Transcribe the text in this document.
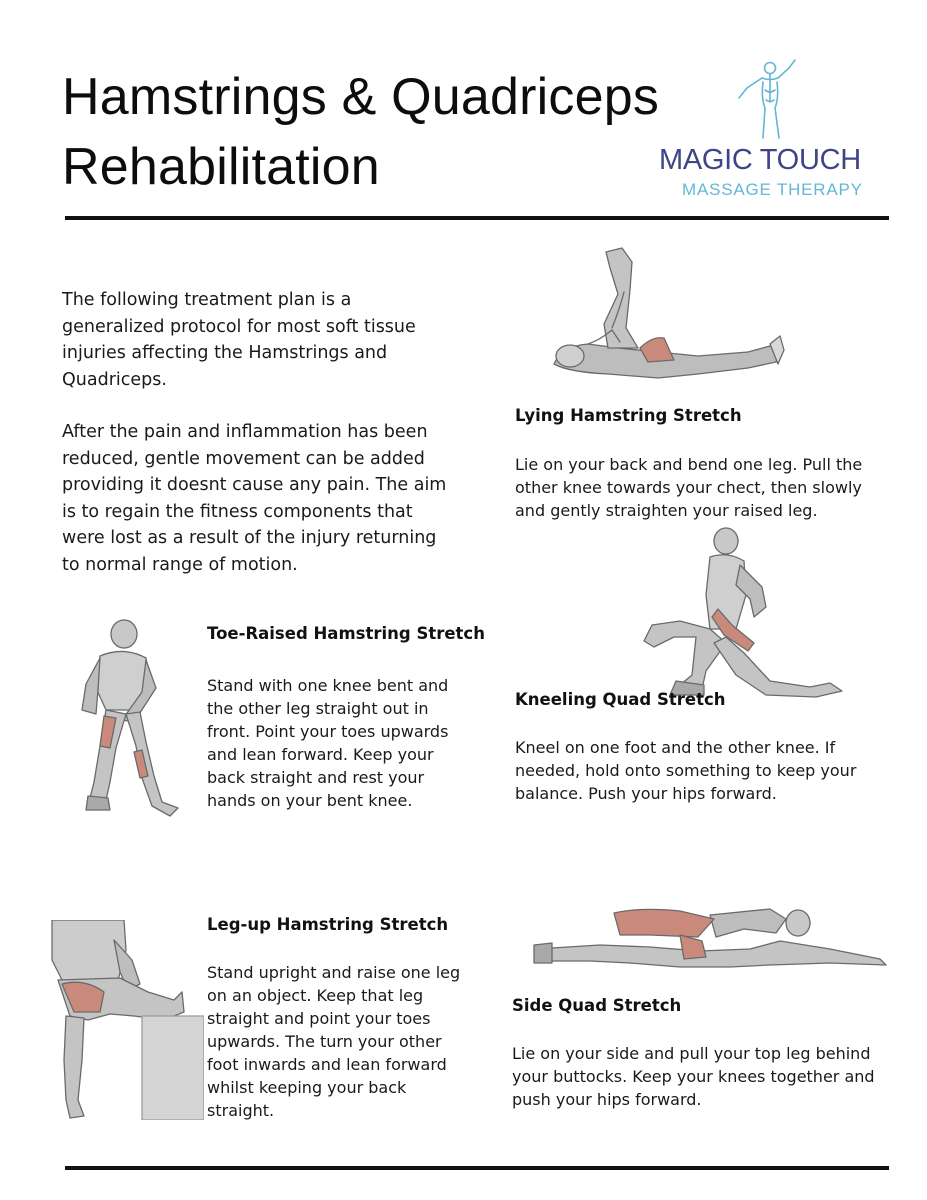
Hamstrings & Quadriceps
Rehabilitation	MAGIC TOUCH
MASSAGE THERAPY

The following treatment plan is a generalized protocol for most soft tissue injuries affecting the Hamstrings and Quadriceps.

After the pain and inflammation has been reduced, gentle movement can be added providing it doesnt cause any pain. The aim is to regain the fitness components that were lost as a result of the injury returning to normal range of motion.

Lying Hamstring Stretch

Lie on your back and bend one leg. Pull the other knee towards your chect, then slowly and gently straighten your raised leg.

Toe-Raised Hamstring Stretch

Stand with one knee bent and the other leg straight out in front. Point your toes upwards and lean forward. Keep your back straight and rest your hands on your bent knee.

Kneeling Quad Stretch

Kneel on one foot and the other knee. If needed, hold onto something to keep your balance. Push your hips forward.

Leg-up Hamstring Stretch

Stand upright and raise one leg on an object. Keep that leg straight and point your toes upwards. The turn your other foot inwards and lean forward whilst keeping your back straight.

Side Quad Stretch

Lie on your side and pull your top leg behind your buttocks. Keep your knees together and push your hips forward.
